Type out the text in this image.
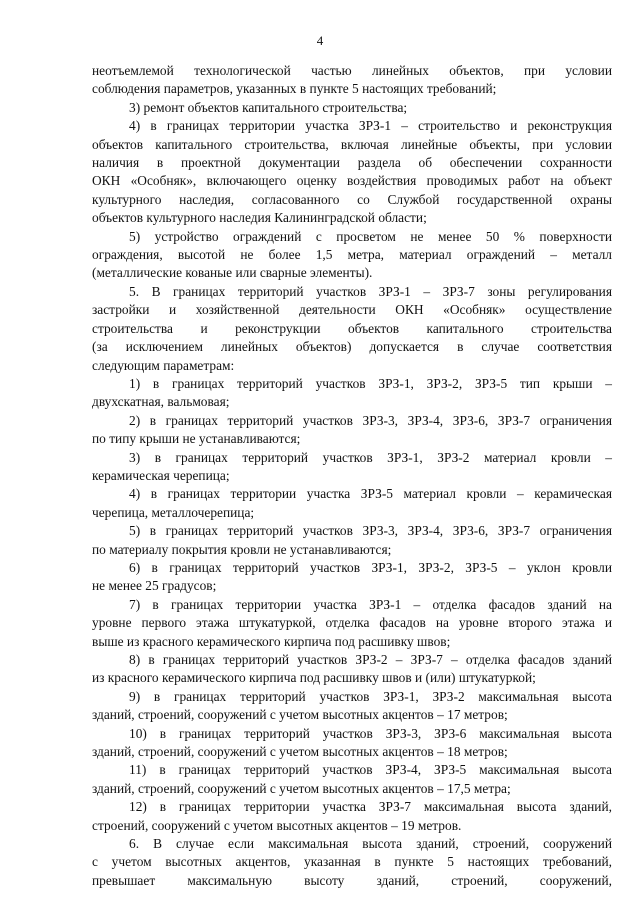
4
неотъемлемой технологической частью линейных объектов, при условии
соблюдения параметров, указанных в пункте 5 настоящих требований;
3) ремонт объектов капитального строительства;
4) в границах территории участка ЗРЗ-1 – строительство и реконструкция
объектов капитального строительства, включая линейные объекты, при условии
наличия в проектной документации раздела об обеспечении сохранности
ОКН «Особняк», включающего оценку воздействия проводимых работ на объект
культурного наследия, согласованного со Службой государственной охраны
объектов культурного наследия Калининградской области;
5) устройство ограждений с просветом не менее 50 % поверхности
ограждения, высотой не более 1,5 метра, материал ограждений – металл
(металлические кованые или сварные элементы).
5. В границах территорий участков ЗРЗ-1 – ЗРЗ-7 зоны регулирования
застройки и хозяйственной деятельности ОКН «Особняк» осуществление
строительства и реконструкции объектов капитального строительства
(за исключением линейных объектов) допускается в случае соответствия
следующим параметрам:
1) в границах территорий участков ЗРЗ-1, ЗРЗ-2, ЗРЗ-5 тип крыши –
двухскатная, вальмовая;
2) в границах территорий участков ЗРЗ-3, ЗРЗ-4, ЗРЗ-6, ЗРЗ-7 ограничения
по типу крыши не устанавливаются;
3) в границах территорий участков ЗРЗ-1, ЗРЗ-2 материал кровли –
керамическая черепица;
4) в границах территории участка ЗРЗ-5 материал кровли – керамическая
черепица, металлочерепица;
5) в границах территорий участков ЗРЗ-3, ЗРЗ-4, ЗРЗ-6, ЗРЗ-7 ограничения
по материалу покрытия кровли не устанавливаются;
6) в границах территорий участков ЗРЗ-1, ЗРЗ-2, ЗРЗ-5 – уклон кровли
не менее 25 градусов;
7) в границах территории участка ЗРЗ-1 – отделка фасадов зданий на
уровне первого этажа штукатуркой, отделка фасадов на уровне второго этажа и
выше из красного керамического кирпича под расшивку швов;
8) в границах территорий участков ЗРЗ-2 – ЗРЗ-7 – отделка фасадов зданий
из красного керамического кирпича под расшивку швов и (или) штукатуркой;
9) в границах территорий участков ЗРЗ-1, ЗРЗ-2 максимальная высота
зданий, строений, сооружений с учетом высотных акцентов – 17 метров;
10) в границах территорий участков ЗРЗ-3, ЗРЗ-6 максимальная высота
зданий, строений, сооружений с учетом высотных акцентов – 18 метров;
11) в границах территорий участков ЗРЗ-4, ЗРЗ-5 максимальная высота
зданий, строений, сооружений с учетом высотных акцентов – 17,5 метра;
12) в границах территории участка ЗРЗ-7 максимальная высота зданий,
строений, сооружений с учетом высотных акцентов – 19 метров.
6. В случае если максимальная высота зданий, строений, сооружений
с учетом высотных акцентов, указанная в пункте 5 настоящих требований,
превышает максимальную высоту зданий, строений, сооружений,
